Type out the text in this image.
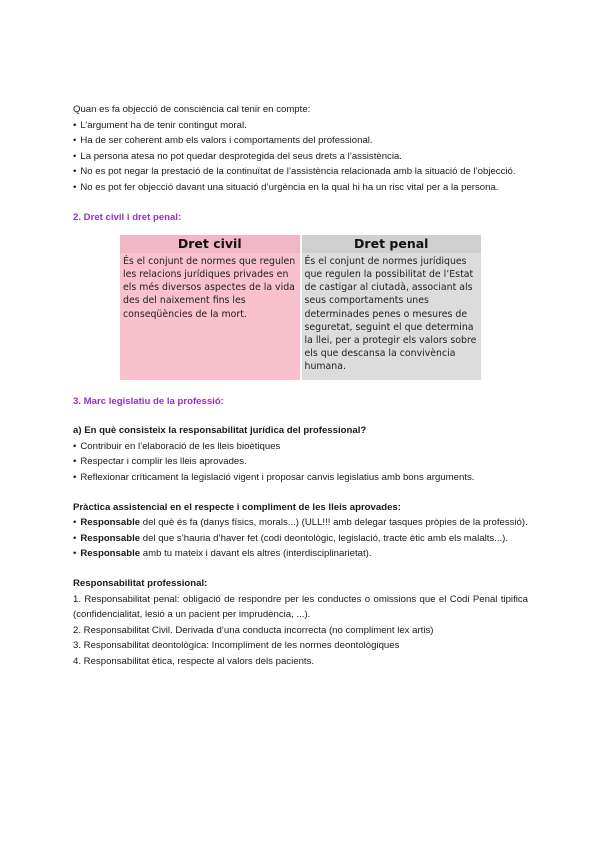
Quan es fa objecció de consciència cal tenir en compte:

• L’argument ha de tenir contingut moral.

• Ha de ser coherent amb els valors i comportaments del professional.

• La persona atesa no pot quedar desprotegida del seus drets a l’assistència.

• No es pot negar la prestació de la continuïtat de l’assistència relacionada amb la situació de l’objecció.

• No es pot fer objecció davant una situació d’urgència en la qual hi ha un risc vital per a la persona.

2. Dret civil i dret penal:

Dret civil	Dret penal
És el conjunt de normes que regulen les relacions jurídiques privades en els més diversos aspectes de la vida des del naixement fins les conseqüències de la mort.	És el conjunt de normes jurídiques que regulen la possibilitat de l’Estat de castigar al ciutadà, associant als seus comportaments unes determinades penes o mesures de seguretat, seguint el que determina la llei, per a protegir els valors sobre els que descansa la convivència humana.

3. Marc legislatiu de la professió:

a) En què consisteix la responsabilitat jurídica del professional?

• Contribuir en l’elaboració de les lleis bioètiques

• Respectar i complir les lleis aprovades.

• Reflexionar críticament la legislació vigent i proposar canvis legislatius amb bons arguments.

Pràctica assistencial en el respecte i compliment de les lleis aprovades:

• Responsable del què és fa (danys físics, morals...) (ULL!!! amb delegar tasques pròpies de la professió).

• Responsable del que s’hauria d’haver fet (codi deontològic, legislació, tracte ètic amb els malalts...).

• Responsable amb tu mateix i davant els altres (interdisciplinarietat).

Responsabilitat professional:

1. Responsabilitat penal: obligació de respondre per les conductes o omissions que el Codi Penal tipifica (confidencialitat, lesió a un pacient per imprudència, ...).

2. Responsabilitat Civil. Derivada d’una conducta incorrecta (no compliment lex artis)

3. Responsabilitat deontològica: Incompliment de les normes deontològiques

4. Responsabilitat ètica, respecte al valors dels pacients.
